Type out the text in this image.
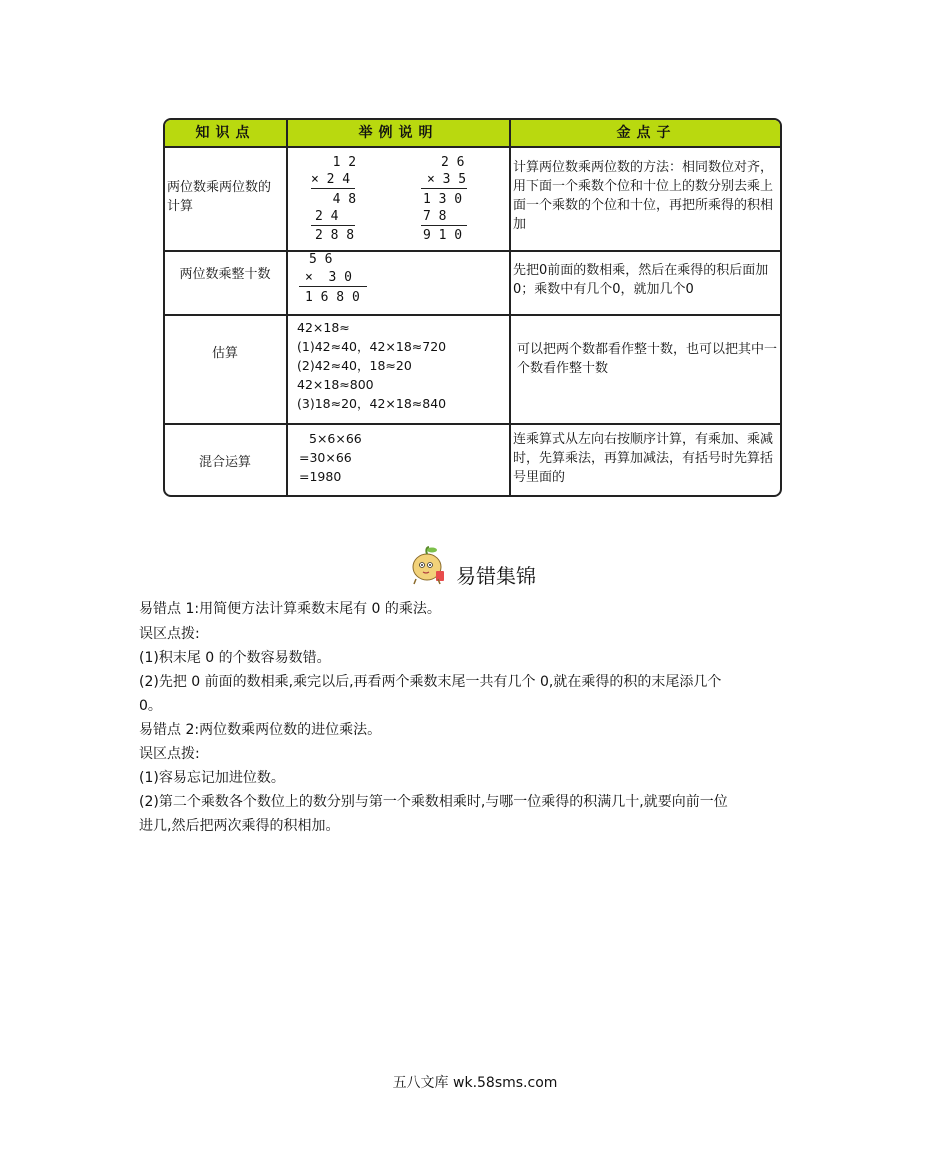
知识点	举例说明	金点子
两位数乘两位数的计算
1 2
× 2 4
4 8
2 4
2 8 8
2 6
× 3 5
1 3 0
7 8
9 1 0
计算两位数乘两位数的方法：相同数位对齐，用下面一个乘数个位和十位上的数分别去乘上面一个乘数的个位和十位，再把所乘得的积相加
两位数乘整十数
5 6
×  3 0
1 6 8 0
先把0前面的数相乘，然后在乘得的积后面加0；乘数中有几个0，就加几个0
估算
42×18≈
(1)42≈40，42×18≈720
(2)42≈40，18≈20
42×18≈800
(3)18≈20，42×18≈840
可以把两个数都看作整十数，也可以把其中一个数看作整十数
混合运算
5×6×66
=30×66
=1980
连乘算式从左向右按顺序计算，有乘加、乘减时，先算乘法，再算加减法，有括号时先算括号里面的
易错集锦
易错点 1:用简便方法计算乘数末尾有 0 的乘法。
误区点拨:
(1)积末尾 0 的个数容易数错。
(2)先把 0 前面的数相乘,乘完以后,再看两个乘数末尾一共有几个 0,就在乘得的积的末尾添几个
0。
易错点 2:两位数乘两位数的进位乘法。
误区点拨:
(1)容易忘记加进位数。
(2)第二个乘数各个数位上的数分别与第一个乘数相乘时,与哪一位乘得的积满几十,就要向前一位
进几,然后把两次乘得的积相加。
五八文库 wk.58sms.com
